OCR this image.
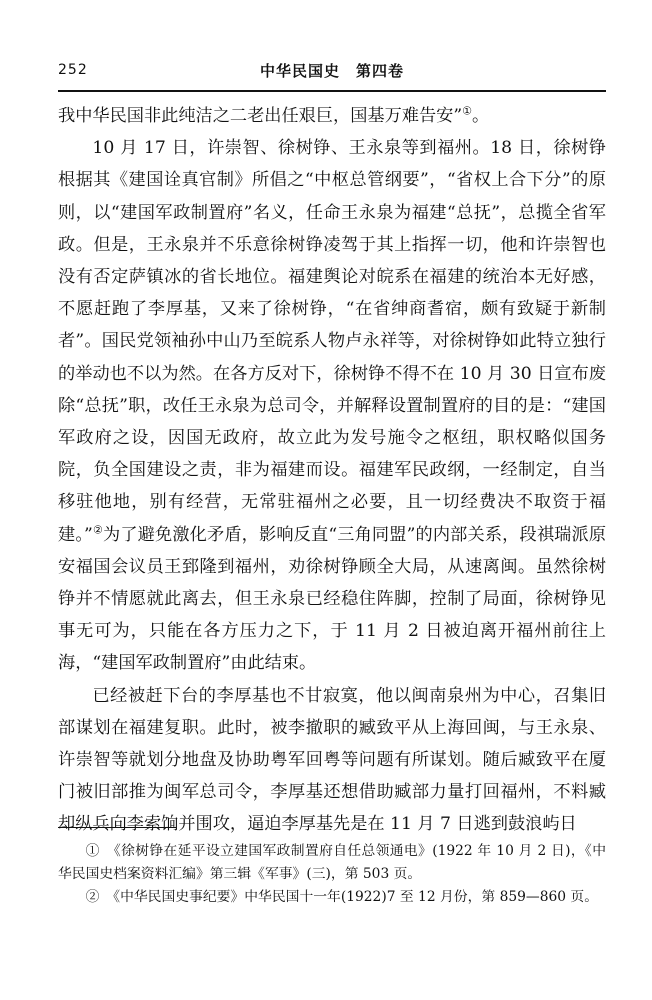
252	中华民国史　第四卷

我中华民国非此纯洁之二老出任艰巨，国基万难告安”①。

10 月 17 日，许崇智、徐树铮、王永泉等到福州。18 日，徐树铮根据其《建国诠真官制》所倡之“中枢总管纲要”，“省权上合下分”的原则，以“建国军政制置府”名义，任命王永泉为福建“总抚”，总揽全省军政。但是，王永泉并不乐意徐树铮凌驾于其上指挥一切，他和许崇智也没有否定萨镇冰的省长地位。福建舆论对皖系在福建的统治本无好感，不愿赶跑了李厚基，又来了徐树铮，“在省绅商耆宿，颇有致疑于新制者”。国民党领袖孙中山乃至皖系人物卢永祥等，对徐树铮如此特立独行的举动也不以为然。在各方反对下，徐树铮不得不在 10 月 30 日宣布废除“总抚”职，改任王永泉为总司令，并解释设置制置府的目的是：“建国军政府之设，因国无政府，故立此为发号施令之枢纽，职权略似国务院，负全国建设之责，非为福建而设。福建军民政纲，一经制定，自当移驻他地，别有经营，无常驻福州之必要，且一切经费决不取资于福建。”②为了避免激化矛盾，影响反直“三角同盟”的内部关系，段祺瑞派原安福国会议员王郅隆到福州，劝徐树铮顾全大局，从速离闽。虽然徐树铮并不情愿就此离去，但王永泉已经稳住阵脚，控制了局面，徐树铮见事无可为，只能在各方压力之下，于 11 月 2 日被迫离开福州前往上海，“建国军政制置府”由此结束。

已经被赶下台的李厚基也不甘寂寞，他以闽南泉州为中心，召集旧部谋划在福建复职。此时，被李撤职的臧致平从上海回闽，与王永泉、许崇智等就划分地盘及协助粤军回粤等问题有所谋划。随后臧致平在厦门被旧部推为闽军总司令，李厚基还想借助臧部力量打回福州，不料臧却纵兵向李索饷并围攻，逼迫李厚基先是在 11 月 7 日逃到鼓浪屿日

①　《徐树铮在延平设立建国军政制置府自任总领通电》(1922 年 10 月 2 日)，《中华民国史档案资料汇编》第三辑《军事》(三)，第 503 页。

②　《中华民国史事纪要》中华民国十一年(1922)7 至 12 月份，第 859—860 页。
